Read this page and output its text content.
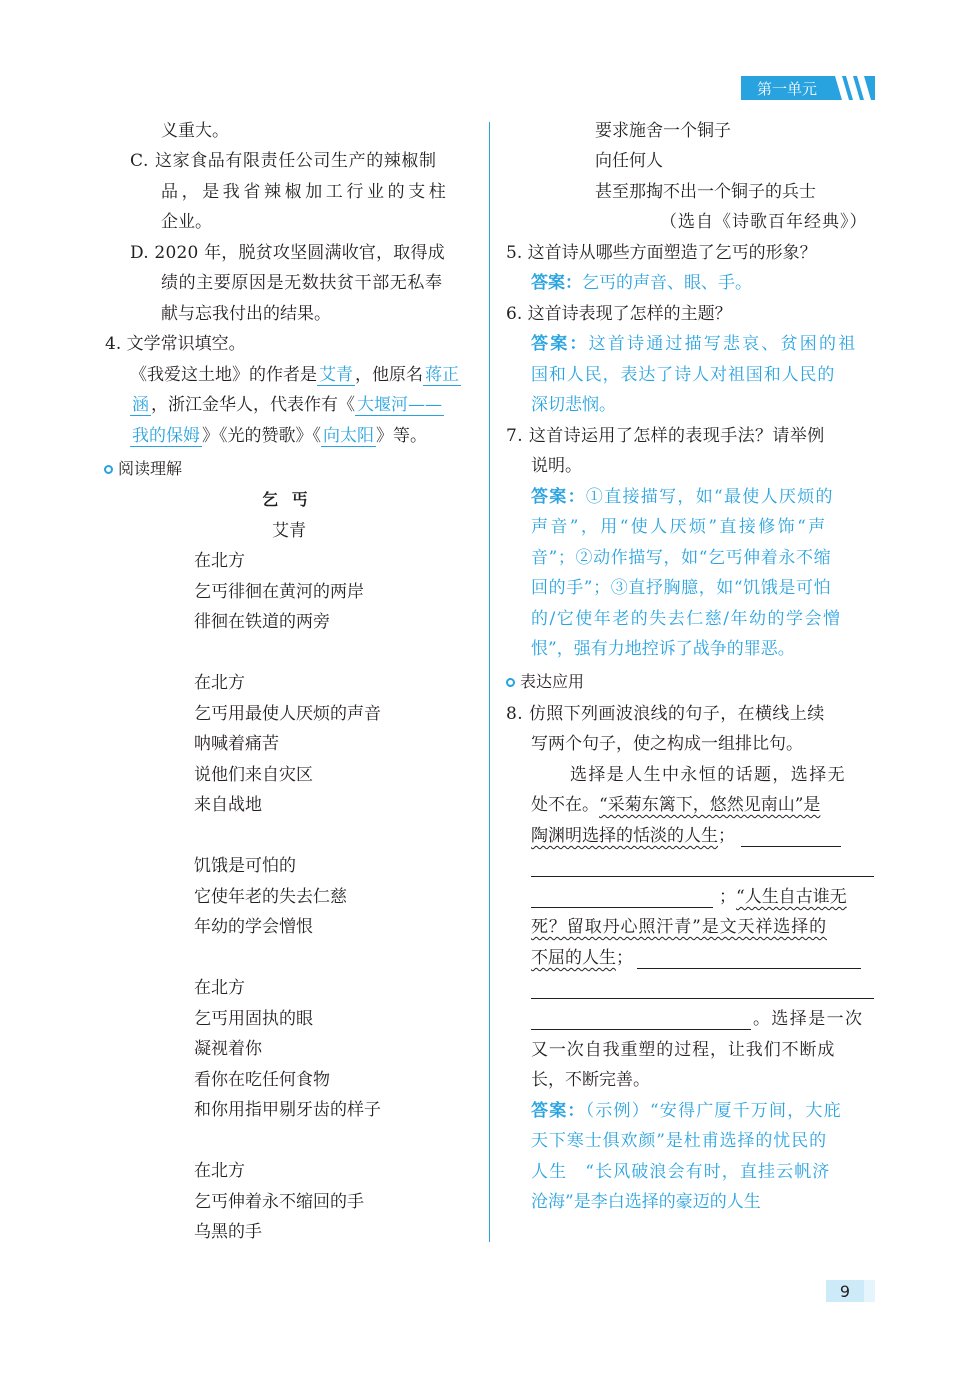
第一单元
义重大。
C. 这家食品有限责任公司生产的辣椒制
品，是我省辣椒加工行业的支柱
企业。
D. 2020 年，脱贫攻坚圆满收官，取得成
绩的主要原因是无数扶贫干部无私奉
献与忘我付出的结果。
4. 文学常识填空。
《我爱这土地》的作者是 艾青 ，他原名 蒋正
涵 ，浙江金华人，代表作有《 大堰河——
我的保姆 》《光的赞歌》《 向太阳 》等。
阅读理解
乞 丐
艾青
在北方
乞丐徘徊在黄河的两岸
徘徊在铁道的两旁
在北方
乞丐用最使人厌烦的声音
呐喊着痛苦
说他们来自灾区
来自战地
饥饿是可怕的
它使年老的失去仁慈
年幼的学会憎恨
在北方
乞丐用固执的眼
凝视着你
看你在吃任何食物
和你用指甲剔牙齿的样子
在北方
乞丐伸着永不缩回的手
乌黑的手
要求施舍一个铜子
向任何人
甚至那掏不出一个铜子的兵士
（选自《诗歌百年经典》）
5. 这首诗从哪些方面塑造了乞丐的形象？
答案：乞丐的声音、眼、手。
6. 这首诗表现了怎样的主题？
答案：这首诗通过描写悲哀、贫困的祖
国和人民，表达了诗人对祖国和人民的
深切悲悯。
7. 这首诗运用了怎样的表现手法？请举例
说明。
答案：①直接描写，如“最使人厌烦的
声音”，用“使人厌烦”直接修饰“声
音”；②动作描写，如“乞丐伸着永不缩
回的手”；③直抒胸臆，如“饥饿是可怕
的/它使年老的失去仁慈/年幼的学会憎
恨”，强有力地控诉了战争的罪恶。
表达应用
8. 仿照下列画波浪线的句子，在横线上续
写两个句子，使之构成一组排比句。
选择是人生中永恒的话题，选择无
处不在。“采菊东篱下，悠然见南山”是
陶渊明选择的恬淡的人生；
；“人生自古谁无
死？留取丹心照汗青”是文天祥选择的
不屈的人生；
。选择是一次
又一次自我重塑的过程，让我们不断成
长，不断完善。
答案：（示例）“安得广厦千万间，大庇
天下寒士俱欢颜”是杜甫选择的忧民的
人生　“长风破浪会有时，直挂云帆济
沧海”是李白选择的豪迈的人生
9
